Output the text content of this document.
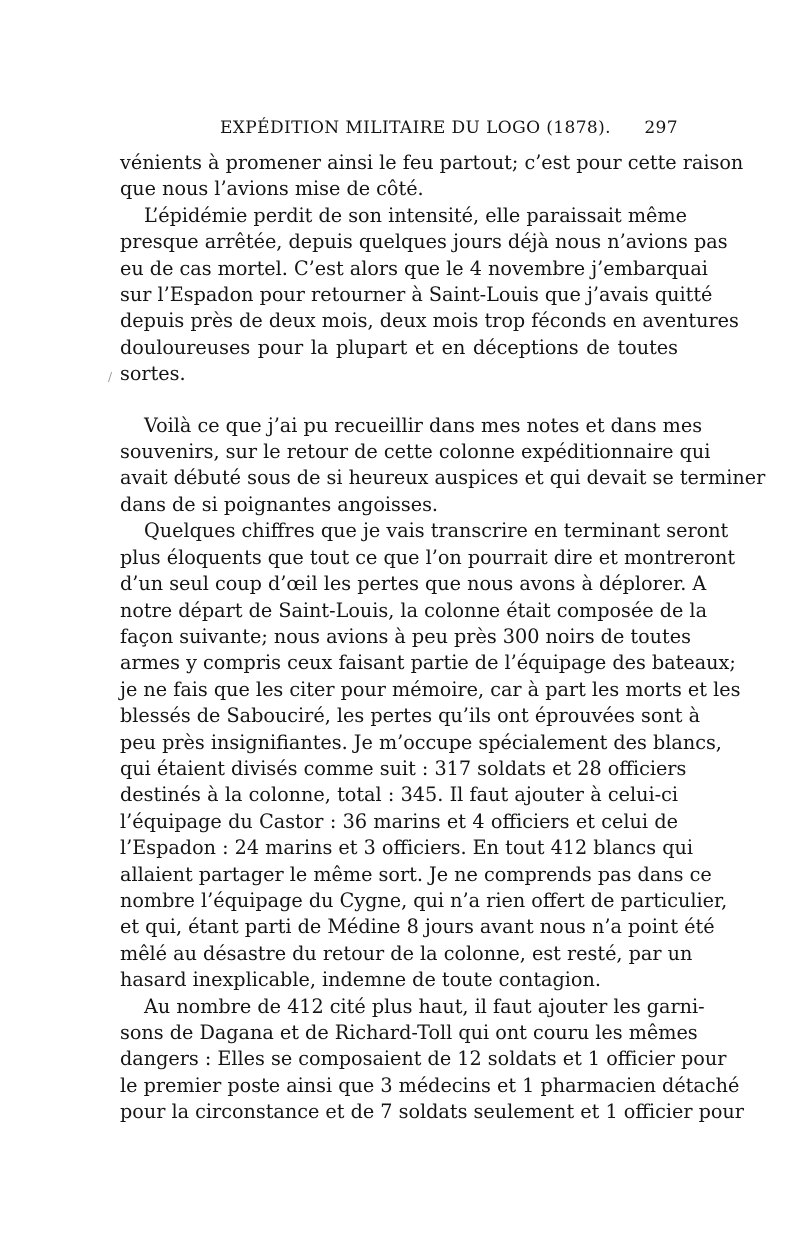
EXPÉDITION MILITAIRE DU LOGO (1878). 297
/
vénients à promener ainsi le feu partout; c’est pour cette raison
que nous l’avions mise de côté.
L’épidémie perdit de son intensité, elle paraissait même
presque arrêtée, depuis quelques jours déjà nous n’avions pas
eu de cas mortel. C’est alors que le 4 novembre j’embarquai
sur l’Espadon pour retourner à Saint-Louis que j’avais quitté
depuis près de deux mois, deux mois trop féconds en aventures
douloureuses pour la plupart et en déceptions de toutes
sortes.
Voilà ce que j’ai pu recueillir dans mes notes et dans mes
souvenirs, sur le retour de cette colonne expéditionnaire qui
avait débuté sous de si heureux auspices et qui devait se terminer
dans de si poignantes angoisses.
Quelques chiffres que je vais transcrire en terminant seront
plus éloquents que tout ce que l’on pourrait dire et montreront
d’un seul coup d’œil les pertes que nous avons à déplorer. A
notre départ de Saint-Louis, la colonne était composée de la
façon suivante; nous avions à peu près 300 noirs de toutes
armes y compris ceux faisant partie de l’équipage des bateaux;
je ne fais que les citer pour mémoire, car à part les morts et les
blessés de Sabouciré, les pertes qu’ils ont éprouvées sont à
peu près insignifiantes. Je m’occupe spécialement des blancs,
qui étaient divisés comme suit : 317 soldats et 28 officiers
destinés à la colonne, total : 345. Il faut ajouter à celui-ci
l’équipage du Castor : 36 marins et 4 officiers et celui de
l’Espadon : 24 marins et 3 officiers. En tout 412 blancs qui
allaient partager le même sort. Je ne comprends pas dans ce
nombre l’équipage du Cygne, qui n’a rien offert de particulier,
et qui, étant parti de Médine 8 jours avant nous n’a point été
mêlé au désastre du retour de la colonne, est resté, par un
hasard inexplicable, indemne de toute contagion.
Au nombre de 412 cité plus haut, il faut ajouter les garni-
sons de Dagana et de Richard-Toll qui ont couru les mêmes
dangers : Elles se composaient de 12 soldats et 1 officier pour
le premier poste ainsi que 3 médecins et 1 pharmacien détaché
pour la circonstance et de 7 soldats seulement et 1 officier pour
